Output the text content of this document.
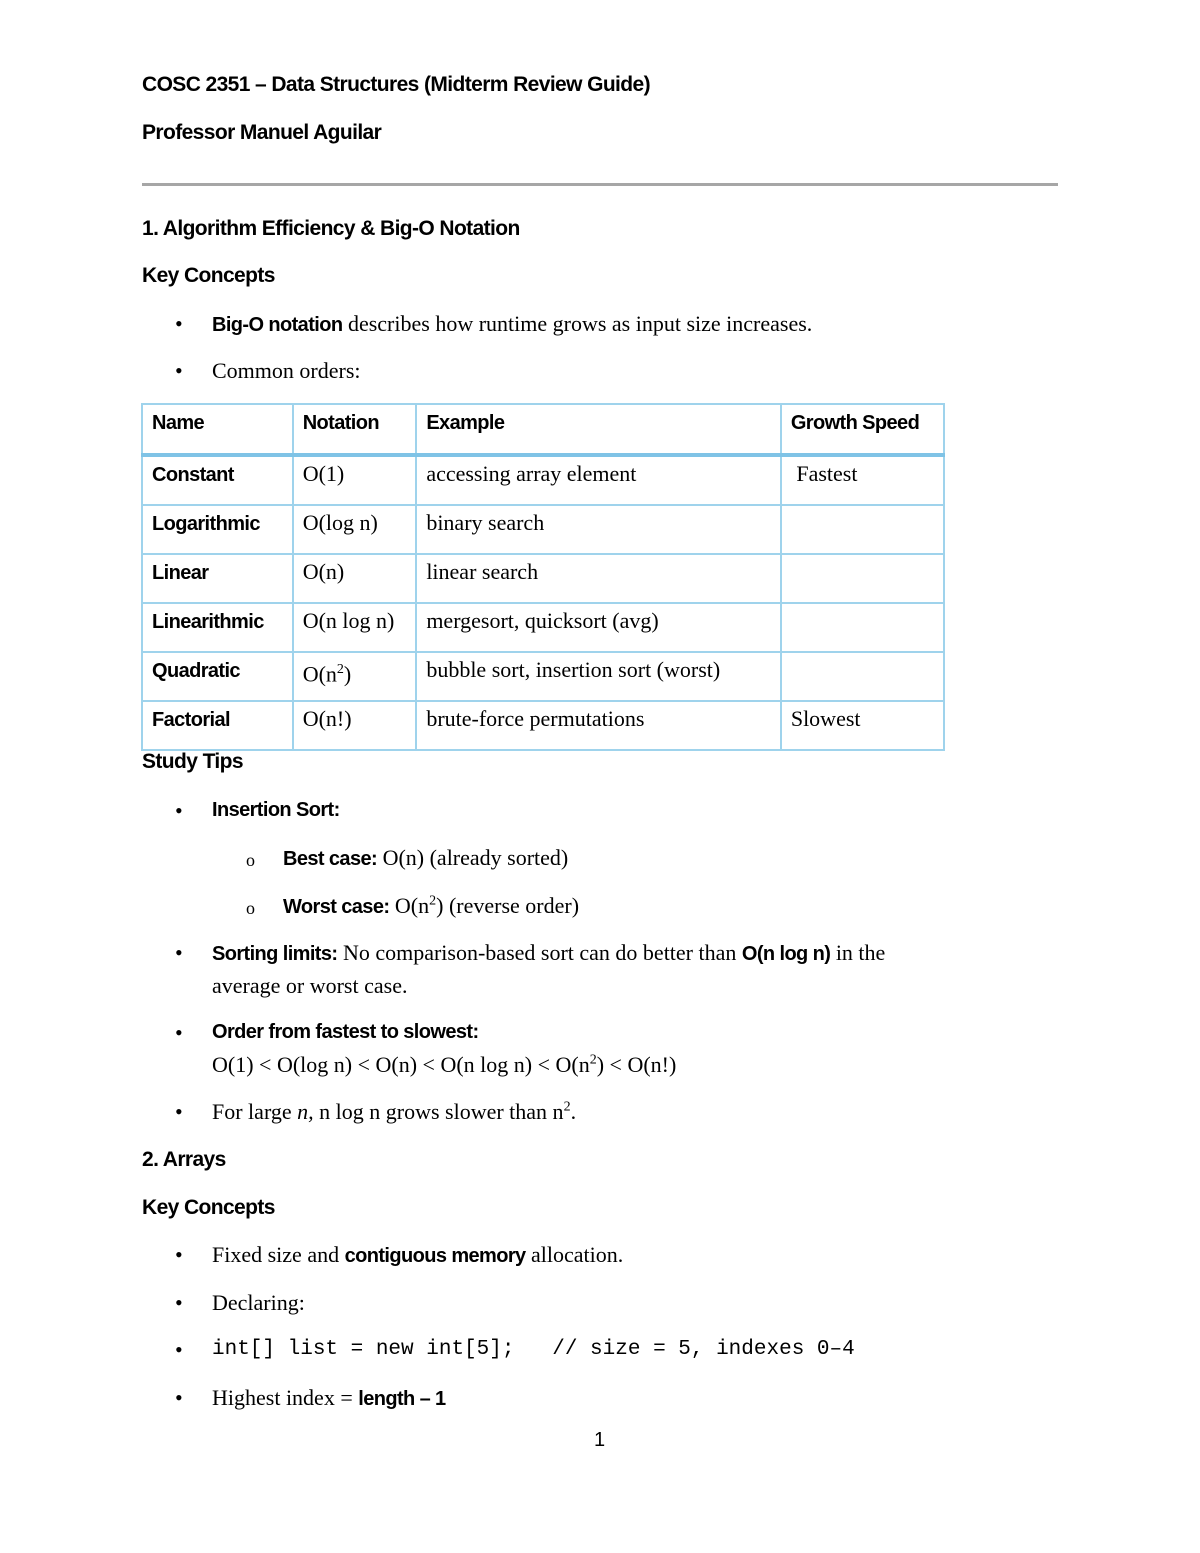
COSC 2351 – Data Structures (Midterm Review Guide)

Professor Manuel Aguilar

1. Algorithm Efficiency & Big-O Notation

Key Concepts

• Big-O notation describes how runtime grows as input size increases.

• Common orders:

Name	Notation	Example	Growth Speed
Constant	O(1)	accessing array element	Fastest
Logarithmic	O(log n)	binary search	
Linear	O(n)	linear search	
Linearithmic	O(n log n)	mergesort, quicksort (avg)	
Quadratic	$O(n^2)$	bubble sort, insertion sort (worst)	
Factorial	O(n!)	brute-force permutations	Slowest

Study Tips

• Insertion Sort:

o Best case: O(n) (already sorted)

o Worst case: $O(n^2)$ (reverse order)

• Sorting limits: No comparison-based sort can do better than O(n log n) in the

average or worst case.

• Order from fastest to slowest:

O(1) < O(log n) < O(n) < O(n $\log n) < O(n^2) < O(n!)$

• For large n, n log n grows slower than $n^2$.

2. Arrays

Key Concepts

• Fixed size and contiguous memory allocation.

• Declaring:

• int[] list = new int[5];   // size = 5, indexes 0–4

• Highest index = length – 1

1
